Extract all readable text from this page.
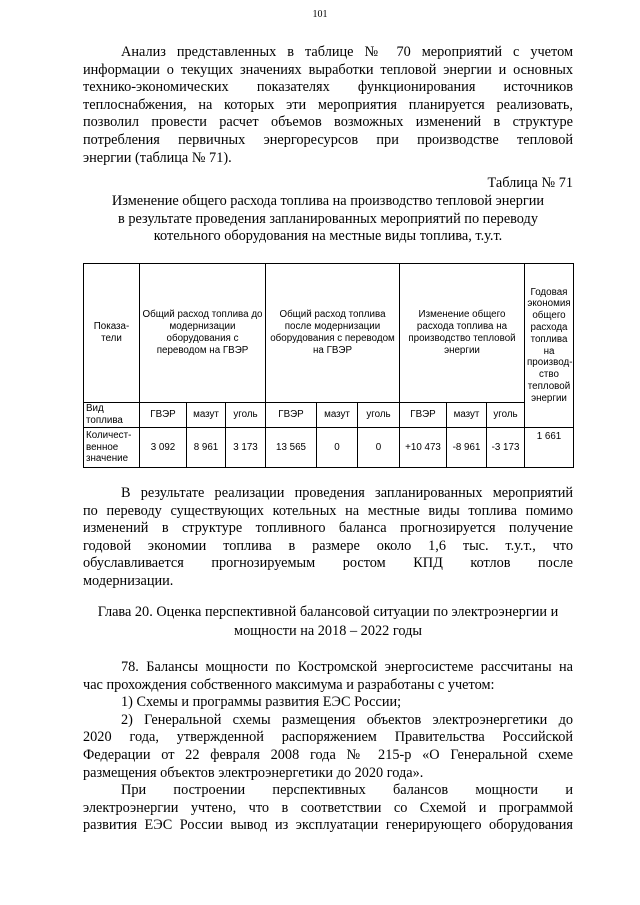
101
Анализ представленных в таблице № 70 мероприятий с учетом
информации о текущих значениях выработки тепловой энергии и основных
технико-экономических показателях функционирования источников
теплоснабжения, на которых эти мероприятия планируется реализовать,
позволил провести расчет объемов возможных изменений в структуре
потребления первичных энергоресурсов при производстве тепловой
энергии (таблица № 71).
Таблица № 71
Изменение общего расхода топлива на производство тепловой энергии
в результате проведения запланированных мероприятий по переводу
котельного оборудования на местные виды топлива, т.у.т.
Показа-тели	Общий расход топлива до модернизации оборудования с переводом на ГВЭР			Общий расход топлива после модернизации оборудования с переводом на ГВЭР			Изменение общего расхода топлива на производство тепловой энергии			Годовая экономия общего расхода топлива на производ-ство тепловой энергии
Вид топлива	ГВЭР	мазут	уголь	ГВЭР	мазут	уголь	ГВЭР	мазут	уголь	
Количест-венное значение	3 092	8 961	3 173	13 565	0	0	+10 473	-8 961	-3 173	1 661
В результате реализации проведения запланированных мероприятий
по переводу существующих котельных на местные виды топлива помимо
изменений в структуре топливного баланса прогнозируется получение
годовой экономии топлива в размере около 1,6 тыс. т.у.т., что
обуславливается прогнозируемым ростом КПД котлов после
модернизации.
Глава 20. Оценка перспективной балансовой ситуации по электроэнергии и
мощности на 2018 – 2022 годы
78. Балансы мощности по Костромской энергосистеме рассчитаны на
час прохождения собственного максимума и разработаны с учетом:
1) Схемы и программы развития ЕЭС России;
2) Генеральной схемы размещения объектов электроэнергетики до
2020 года, утвержденной распоряжением Правительства Российской
Федерации от 22 февраля 2008 года № 215-р «О Генеральной схеме
размещения объектов электроэнергетики до 2020 года».
При построении перспективных балансов мощности и
электроэнергии учтено, что в соответствии со Схемой и программой
развития ЕЭС России вывод из эксплуатации генерирующего оборудования
